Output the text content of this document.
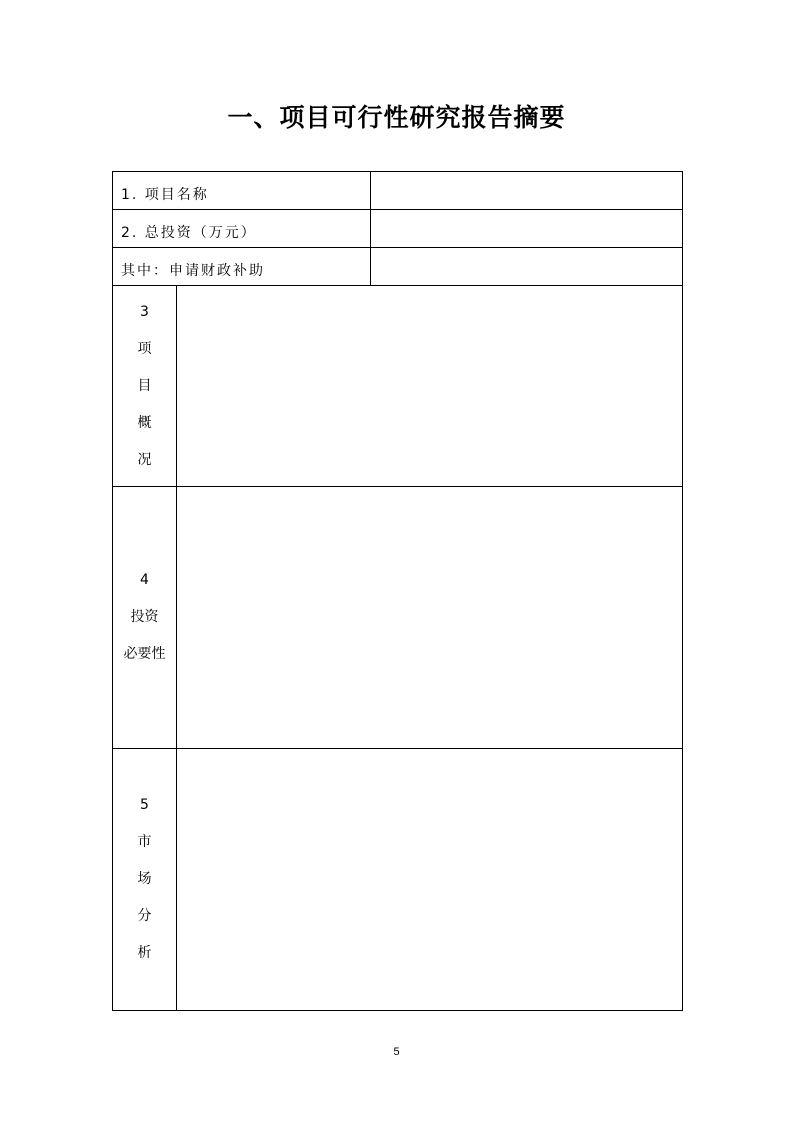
一、项目可行性研究报告摘要
1. 项目名称		
2. 总投资（万元）		
其中：申请财政补助		

3
项
目
概
况		

4
投资
必要性		

5
市
场
分
析		

5
